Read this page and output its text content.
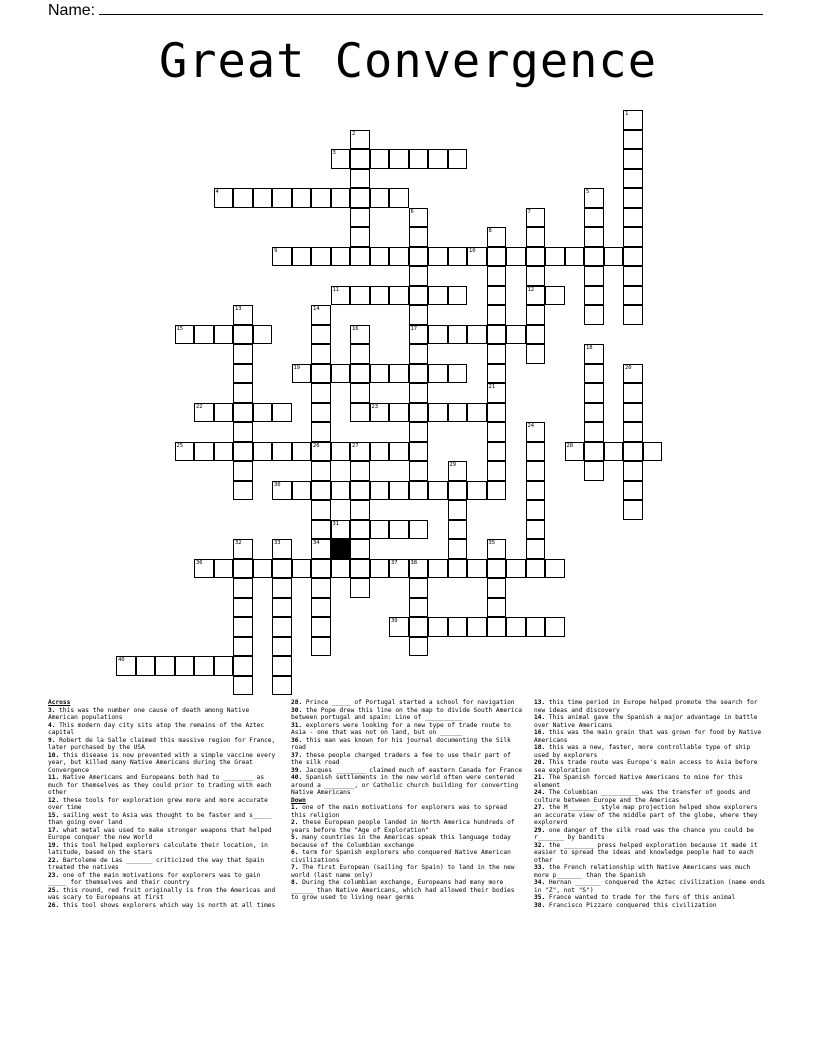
Name:
Great Convergence
1
2
3
4	5
6
17
7
12
8
9	10
11
13	14
26
34
15	16
18
19	20
21
22	23
24
25	27	28
29
30
31
32	33	35
36	37 38
39
40
Across
3. this was the number one cause of death among Native American populations
4. This modern day city sits atop the remains of the Aztec capital
9. Robert de la Salle claimed this massive region for France, later purchased by the USA
10. this disease is now prevented with a simple vaccine every year, but killed many Native Americans during the Great Convergence
11. Native Americans and Europeans both had to ________ as much for themselves as they could prior to trading with each other
12. these tools for exploration grew more and more accurate over time
15. sailing west to Asia was thought to be faster and s_____ than going over land
17. what metal was used to make stronger weapons that helped Europe conquer the new World
19. this tool helped explorers calculate their location, in latitude, based on the stars
22. Bartoleme de Las _______ criticized the way that Spain treated the natives
23. one of the main motivations for explorers was to gain _____ for themselves and their country
25. this round, red fruit originally is from the Americas and was scary to Europeans at first
26. this tool shows explorers which way is north at all times
28. Prince _____ of Portugal started a school for navigation
30. the Pope drew this line on the map to divide South America between portugal and spain: Line of __________
31. explorers were looking for a new type of trade route to Asia - one that was not on land, but on ______
36. this man was known for his journal documenting the Silk road
37. these people charged traders a fee to use their part of the silk road
39. Jacques ________ claimed much of eastern Canada for France
40. Spanish settlements in the new world often were centered around a ________, or Catholic church building for converting Native Americans
Down
1. one of the main motivations for explorers was to spread this religion
2. these European people landed in North America hundreds of years before the "Age of Exploration"
5. many countries in the Americas speak this language today because of the Columbian exchange
6. term for Spanish explorers who conquered Native American civilizations
7. The first European (sailing for Spain) to land in the new world (last name only)
8. During the columbian exchange, Europeans had many more ______ than Native Americans, which had allowed their bodies to grow used to living near germs
13. this time period in Europe helped promote the search for new ideas and discovery
14. This animal gave the Spanish a major advantage in battle over Native Americans
16. this was the main grain that was grown for food by Native Americans
18. this was a new, faster, more controllable type of ship used by explorers
20. This trade route was Europe's main access to Asia before sea exploration
21. The Spanish forced Native Americans to mine for this element
24. The Columbian __________ was the transfer of goods and culture between Europe and the Americas
27. the M________ style map projection helped show explorers an accurate view of the middle part of the globe, where they explorerd
29. one danger of the silk road was the chance you could be r_______ by bandits
32. the ________ press helped exploration because it made it easier to spread the ideas and knowledge people had to each other
33. the French relationship with Native Americans was much more p_______ than the Spanish
34. Hernan _______ conquered the Aztec civilization (name ends in "Z", not "S")
35. France wanted to trade for the furs of this animal
38. Francisco Pizzaro conquered this civilization
